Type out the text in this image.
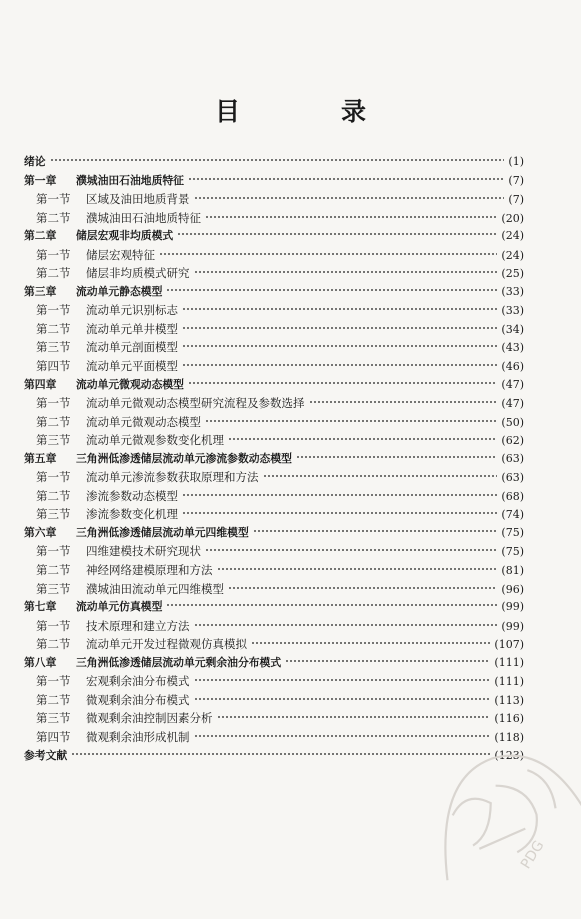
目　录
绪论	(1)
第一章	濮城油田石油地质特征	(7)
第一节	区域及油田地质背景	(7)
第二节	濮城油田石油地质特征	(20)
第二章	储层宏观非均质模式	(24)
第一节	储层宏观特征	(24)
第二节	储层非均质模式研究	(25)
第三章	流动单元静态模型	(33)
第一节	流动单元识别标志	(33)
第二节	流动单元单井模型	(34)
第三节	流动单元剖面模型	(43)
第四节	流动单元平面模型	(46)
第四章	流动单元微观动态模型	(47)
第一节	流动单元微观动态模型研究流程及参数选择	(47)
第二节	流动单元微观动态模型	(50)
第三节	流动单元微观参数变化机理	(62)
第五章	三角洲低渗透储层流动单元渗流参数动态模型	(63)
第一节	流动单元渗流参数获取原理和方法	(63)
第二节	渗流参数动态模型	(68)
第三节	渗流参数变化机理	(74)
第六章	三角洲低渗透储层流动单元四维模型	(75)
第一节	四维建模技术研究现状	(75)
第二节	神经网络建模原理和方法	(81)
第三节	濮城油田流动单元四维模型	(96)
第七章	流动单元仿真模型	(99)
第一节	技术原理和建立方法	(99)
第二节	流动单元开发过程微观仿真模拟	(107)
第八章	三角洲低渗透储层流动单元剩余油分布模式	(111)
第一节	宏观剩余油分布模式	(111)
第二节	微观剩余油分布模式	(113)
第三节	微观剩余油控制因素分析	(116)
第四节	微观剩余油形成机制	(118)
参考文献	(123)
PDG
